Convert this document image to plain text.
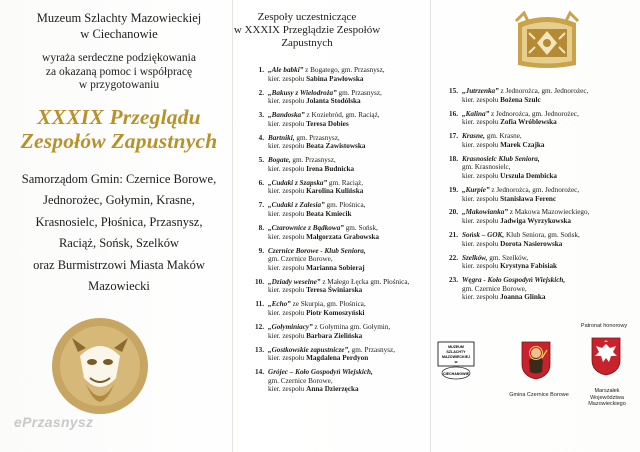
Muzeum Szlachty Mazowieckiej
w Ciechanowie
wyraża serdeczne podziękowania
za okazaną pomoc i współpracę
w przygotowaniu
XXXIX Przeglądu
Zespołów Zapustnych
Samorządom Gmin: Czernice Borowe,
Jednorożec, Gołymin, Krasne,
Krasnosielc, Płośnica, Przasnysz,
Raciąż, Sońsk, Szelków
oraz Burmistrzowi Miasta Maków
Mazowiecki
ePrzasnysz
Zespoły uczestniczące
w XXXIX Przeglądzie Zespołów
Zapustnych
1. „Ale babki” z Bogatego, gm. Przasnysz,
kier. zespołu Sabina Pawłowska
2. „Bakusy z Wielodroża” gm. Przasnysz,
kier. zespołu Jolanta Stodólska
3. „Bandoska” z Koziebród, gm. Raciąż,
kier. zespołu Teresa Dobies
4. Bartniki, gm. Przasnysz,
kier. zespołu Beata Zawistowska
5. Bogate, gm. Przasnysz,
kier. zespołu Irena Budnicka
6. „Cudaki z Szapska” gm. Raciąż,
kier. zespołu Karolina Kulińska
7. „Cudaki z Zalesia” gm. Płośnica,
kier. zespołu Beata Kmiecik
8. „Czarownice z Bądkowa” gm. Sońsk,
kier. zespołu Małgorzata Grabowska
9. Czernice Borowe - Klub Seniora,
gm. Czernice Borowe,
kier. zespołu Marianna Sobieraj
10. „Dziady weselne” z Małego Łęcka gm. Płośnica, kier. zespołu Teresa Świniarska
11. „Echo” ze Skurpia, gm. Płośnica,
kier. zespołu Piotr Komoszyński
12. „Gołyminiacy” z Gołymina gm. Gołymin,
kier. zespołu Barbara Zielińska
13. „Gostkowskie zapustnicze”, gm. Przasnysz,
kier. zespołu Magdalena Perdyon
14. Grójec – Koło Gospodyń Wiejskich,
gm. Czernice Borowe,
kier. zespołu Anna Dzierzęcka
15. „Jutrzenka” z Jednorożca, gm. Jednorożec,
kier. zespołu Bożena Szulc
16. „Kalina” z Jednorożca, gm. Jednorożec,
kier. zespołu Zofia Wróblewska
17. Krasne, gm. Krasne,
kier. zespołu Marek Czajka
18. Krasnosielc Klub Seniora,
gm. Krasnosielc,
kier. zespołu Urszula Dembicka
19. „Kurpie” z Jednorożca, gm. Jednorożec,
kier. zespołu Stanisława Ferenc
20. „Makowianka” z Makowa Mazowieckiego,
kier. zespołu Jadwiga Wyrzykowska
21. Sońsk – GOK, Klub Seniora, gm. Sońsk,
kier. zespołu Dorota Nasierowska
22. Szelków, gm. Szelków,
kier. zespołu Krystyna Fabisiak
23. Węgra - Koło Gospodyń Wiejskich,
gm. Czernice Borowe,
kier. zespołu Joanna Glinka
MUZEUM
SZLACHTY
MAZOWIECKIEJ
w
CIECHANOWIE
Patronat honorowy
Gmina Czernice Borowe
Marszałek
Województwa
Mazowieckiego
